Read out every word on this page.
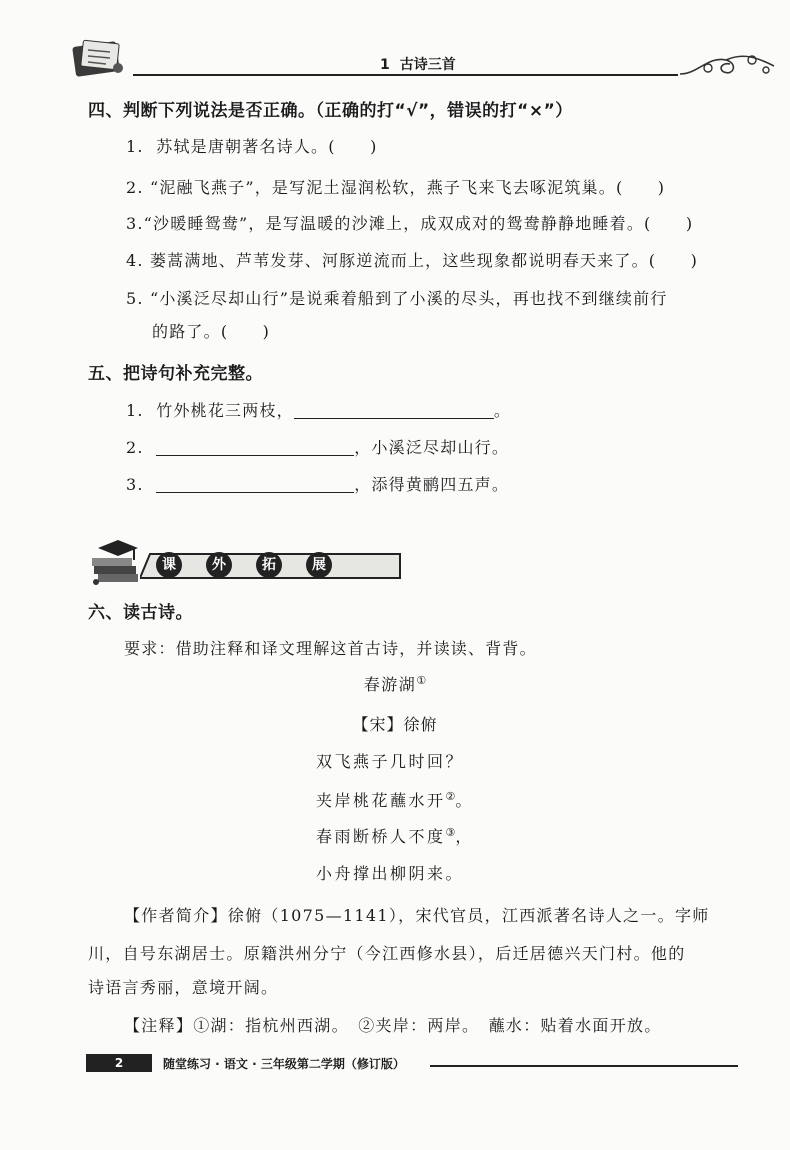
1 古诗三首
四、判断下列说法是否正确。（正确的打“√”，错误的打“×”）
1. 苏轼是唐朝著名诗人。(　　)
2. “泥融飞燕子”，是写泥土湿润松软，燕子飞来飞去啄泥筑巢。(　　)
3.“沙暖睡鸳鸯”，是写温暖的沙滩上，成双成对的鸳鸯静静地睡着。(　　)
4. 蒌蒿满地、芦苇发芽、河豚逆流而上，这些现象都说明春天来了。(　　)
5. “小溪泛尽却山行”是说乘着船到了小溪的尽头，再也找不到继续前行
的路了。(　　)
五、把诗句补充完整。
1. 竹外桃花三两枝，	。
2.	，小溪泛尽却山行。
3.	，添得黄鹂四五声。
课	外	拓	展
六、读古诗。
要求：借助注释和译文理解这首古诗，并读读、背背。
春游湖①
【宋】徐俯
双飞燕子几时回？
夹岸桃花蘸水开②。
春雨断桥人不度③，
小舟撑出柳阴来。
【作者简介】徐俯（1075—1141），宋代官员，江西派著名诗人之一。字师
川，自号东湖居士。原籍洪州分宁（今江西修水县），后迁居德兴天门村。他的
诗语言秀丽，意境开阔。
【注释】①湖：指杭州西湖。　②夹岸：两岸。　蘸水：贴着水面开放。
2	随堂练习 · 语文 · 三年级第二学期（修订版）
